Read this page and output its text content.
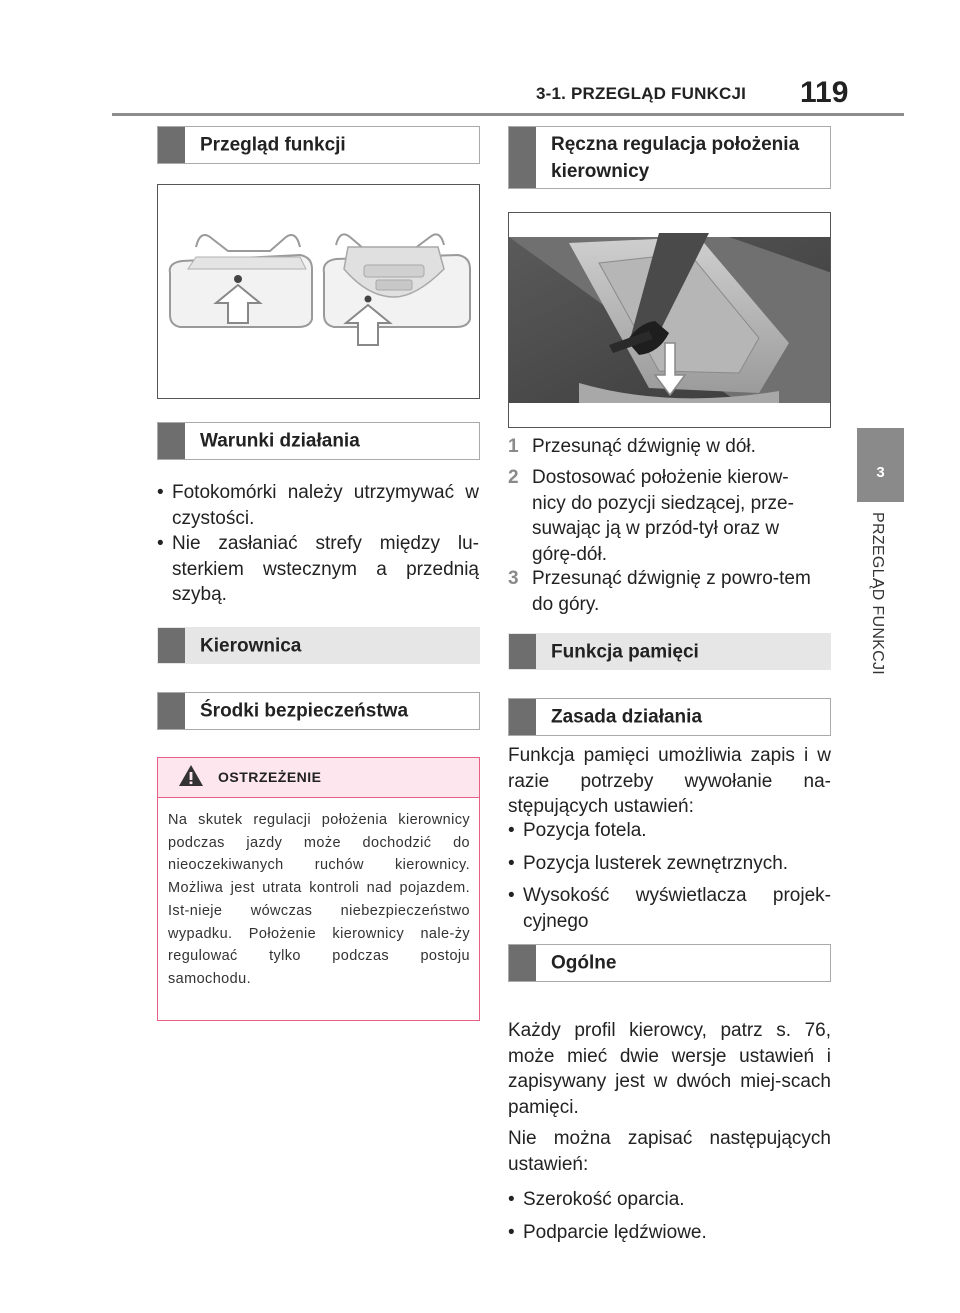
3-1. PRZEGLĄD FUNKCJI 119
3
PRZEGLĄD FUNKCJI
Przegląd funkcji
Warunki działania
• Fotokomórki należy utrzymywać w czystości.
• Nie zasłaniać strefy między lu-sterkiem wstecznym a przednią szybą.
Kierownica
Środki bezpieczeństwa
OSTRZEŻENIE
Na skutek regulacji położenia kierownicy podczas jazdy może dochodzić do nieoczekiwanych ruchów kierownicy. Możliwa jest utrata kontroli nad pojazdem. Ist-nieje wówczas niebezpieczeństwo wypadku. Położenie kierownicy nale-ży regulować tylko podczas postoju samochodu.
Ręczna regulacja położenia kierownicy
1 Przesunąć dźwignię w dół.
2 Dostosować położenie kierow-nicy do pozycji siedzącej, prze-suwając ją w przód-tył oraz w górę-dół.
3 Przesunąć dźwignię z powro-tem do góry.
Funkcja pamięci
Zasada działania
Funkcja pamięci umożliwia zapis i w razie potrzeby wywołanie na-stępujących ustawień:
• Pozycja fotela.
• Pozycja lusterek zewnętrznych.
• Wysokość wyświetlacza projek-cyjnego
Ogólne
Każdy profil kierowcy, patrz s. 76, może mieć dwie wersje ustawień i zapisywany jest w dwóch miej-scach pamięci.
Nie można zapisać następujących ustawień:
• Szerokość oparcia.
• Podparcie lędźwiowe.
